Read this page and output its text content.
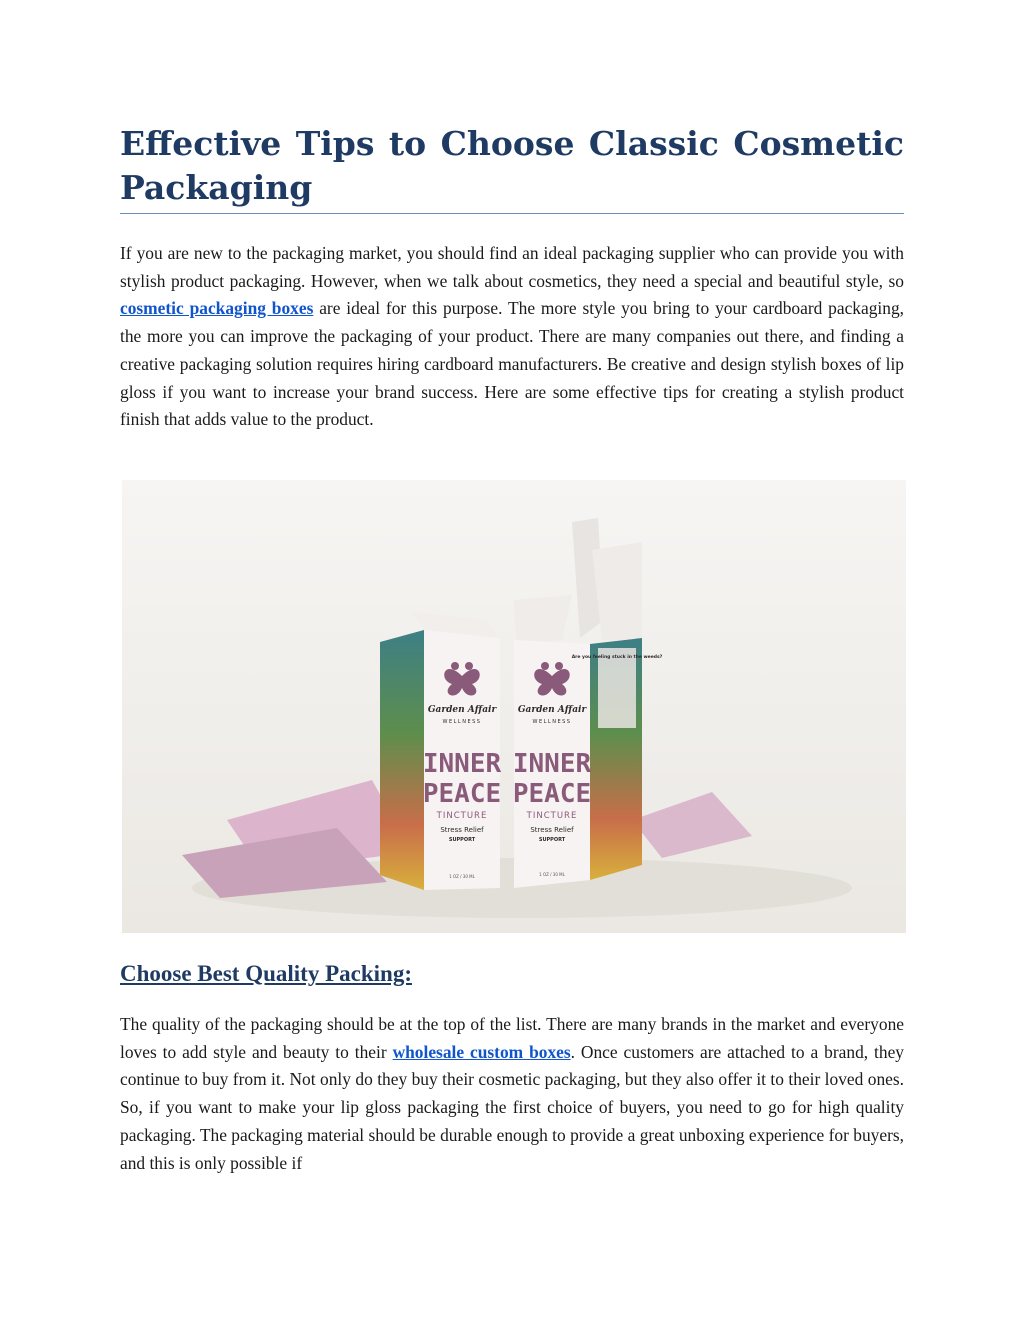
Effective Tips to Choose Classic Cosmetic
Packaging

If you are new to the packaging market, you should find an ideal packaging supplier who can provide you with stylish product packaging. However, when we talk about cosmetics, they need a special and beautiful style, so cosmetic packaging boxes are ideal for this purpose. The more style you bring to your cardboard packaging, the more you can improve the packaging of your product. There are many companies out there, and finding a creative packaging solution requires hiring cardboard manufacturers. Be creative and design stylish boxes of lip gloss if you want to increase your brand success. Here are some effective tips for creating a stylish product finish that adds value to the product.

Garden Affair
WELLNESS
INNER
PEACE
TINCTURE
Stress Relief
SUPPORT
1 OZ / 30 ML
Are you feeling stuck in the weeds?
Garden Affair
WELLNESS
INNER
PEACE
TINCTURE
Stress Relief
SUPPORT
1 OZ / 30 ML
Choose Best Quality Packing:

The quality of the packaging should be at the top of the list. There are many brands in the market and everyone loves to add style and beauty to their wholesale custom boxes. Once customers are attached to a brand, they continue to buy from it. Not only do they buy their cosmetic packaging, but they also offer it to their loved ones. So, if you want to make your lip gloss packaging the first choice of buyers, you need to go for high quality packaging. The packaging material should be durable enough to provide a great unboxing experience for buyers, and this is only possible if
